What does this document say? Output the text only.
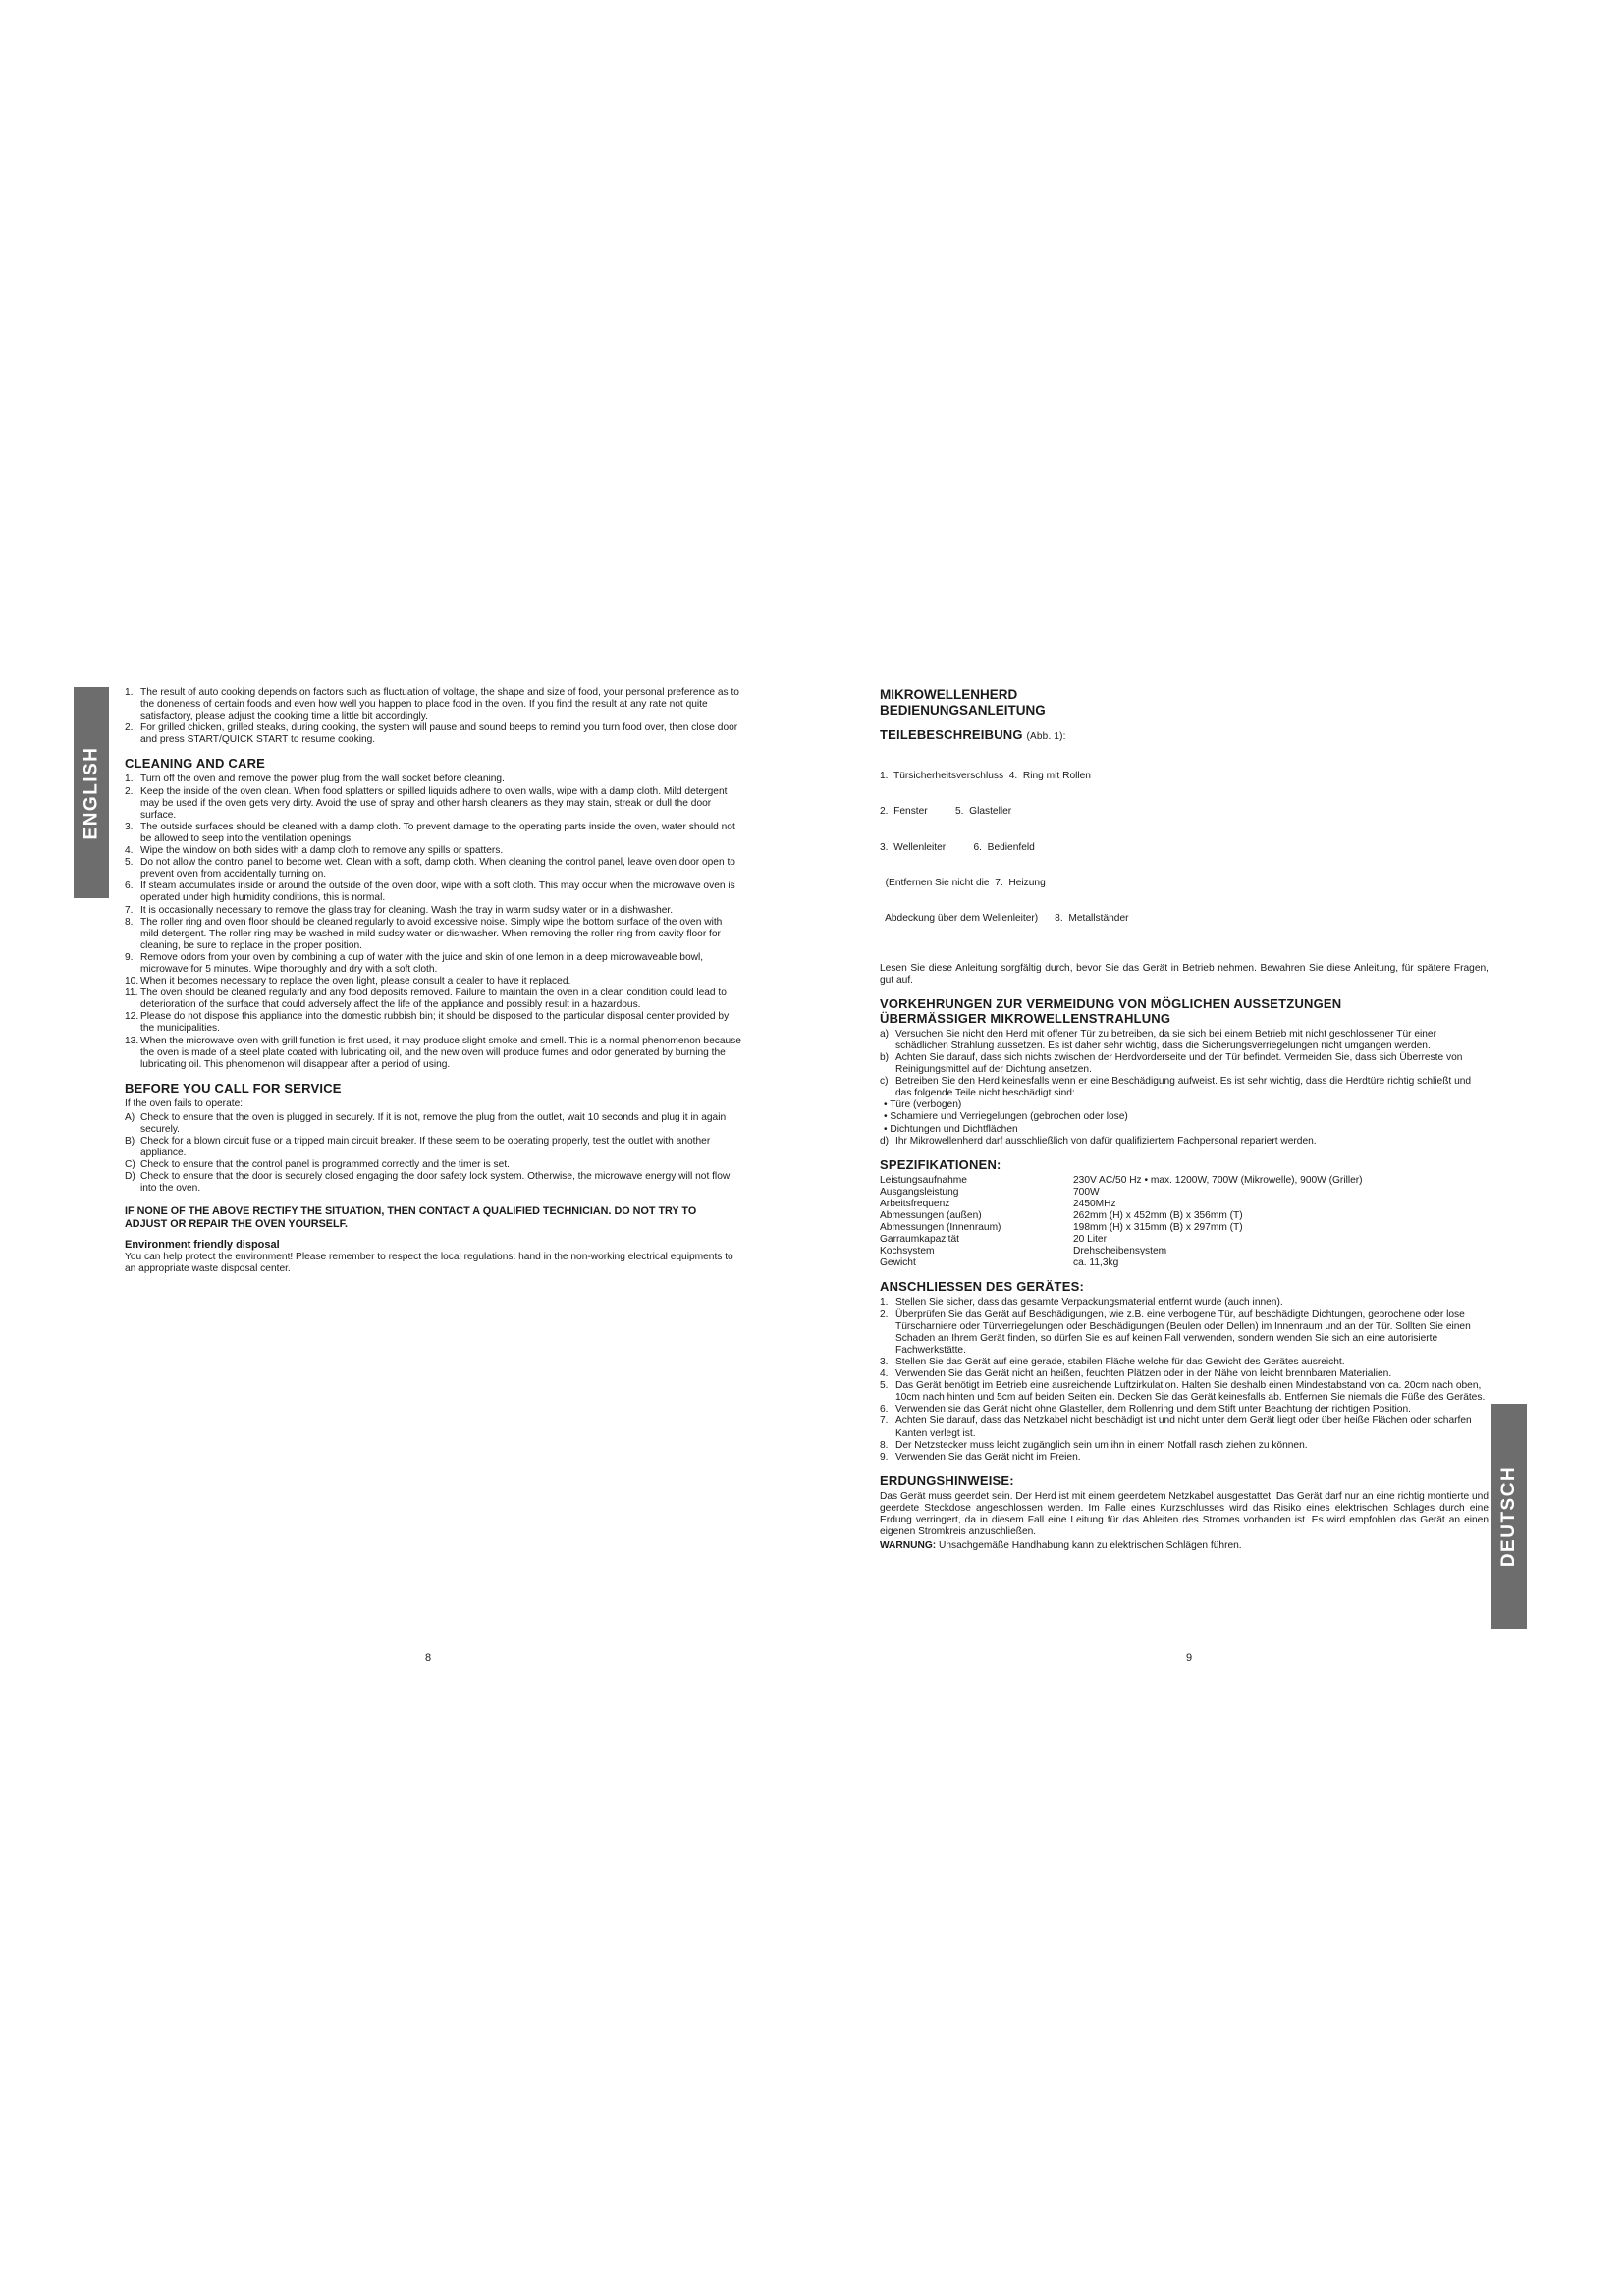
ENGLISH
DEUTSCH
1. The result of auto cooking depends on factors such as fluctuation of voltage, the shape and size of food, your personal preference as to the doneness of certain foods and even how well you happen to place food in the oven. If you find the result at any rate not quite satisfactory, please adjust the cooking time a little bit accordingly.
2. For grilled chicken, grilled steaks, during cooking, the system will pause and sound beeps to remind you turn food over, then close door and press START/QUICK START to resume cooking.
CLEANING AND CARE
1. Turn off the oven and remove the power plug from the wall socket before cleaning.
2. Keep the inside of the oven clean. When food splatters or spilled liquids adhere to oven walls, wipe with a damp cloth. Mild detergent may be used if the oven gets very dirty. Avoid the use of spray and other harsh cleaners as they may stain, streak or dull the door surface.
3. The outside surfaces should be cleaned with a damp cloth. To prevent damage to the operating parts inside the oven, water should not be allowed to seep into the ventilation openings.
4. Wipe the window on both sides with a damp cloth to remove any spills or spatters.
5. Do not allow the control panel to become wet. Clean with a soft, damp cloth. When cleaning the control panel, leave oven door open to prevent oven from accidentally turning on.
6. If steam accumulates inside or around the outside of the oven door, wipe with a soft cloth. This may occur when the microwave oven is operated under high humidity conditions, this is normal.
7. It is occasionally necessary to remove the glass tray for cleaning. Wash the tray in warm sudsy water or in a dishwasher.
8. The roller ring and oven floor should be cleaned regularly to avoid excessive noise. Simply wipe the bottom surface of the oven with mild detergent. The roller ring may be washed in mild sudsy water or dishwasher. When removing the roller ring from cavity floor for cleaning, be sure to replace in the proper position.
9. Remove odors from your oven by combining a cup of water with the juice and skin of one lemon in a deep microwaveable bowl, microwave for 5 minutes. Wipe thoroughly and dry with a soft cloth.
10. When it becomes necessary to replace the oven light, please consult a dealer to have it replaced.
11. The oven should be cleaned regularly and any food deposits removed. Failure to maintain the oven in a clean condition could lead to deterioration of the surface that could adversely affect the life of the appliance and possibly result in a hazardous.
12. Please do not dispose this appliance into the domestic rubbish bin; it should be disposed to the particular disposal center provided by the municipalities.
13. When the microwave oven with grill function is first used, it may produce slight smoke and smell. This is a normal phenomenon because the oven is made of a steel plate coated with lubricating oil, and the new oven will produce fumes and odor generated by burning the lubricating oil. This phenomenon will disappear after a period of using.
BEFORE YOU CALL FOR SERVICE

If the oven fails to operate:

A) Check to ensure that the oven is plugged in securely. If it is not, remove the plug from the outlet, wait 10 seconds and plug it in again securely.
B) Check for a blown circuit fuse or a tripped main circuit breaker. If these seem to be operating properly, test the outlet with another appliance.
C) Check to ensure that the control panel is programmed correctly and the timer is set.
D) Check to ensure that the door is securely closed engaging the door safety lock system. Otherwise, the microwave energy will not flow into the oven.

IF NONE OF THE ABOVE RECTIFY THE SITUATION, THEN CONTACT A QUALIFIED TECHNICIAN. DO NOT TRY TO ADJUST OR REPAIR THE OVEN YOURSELF.

Environment friendly disposal

You can help protect the environment! Please remember to respect the local regulations: hand in the non-working electrical equipments to an appropriate waste disposal center.

MIKROWELLENHERD
BEDIENUNGSANLEITUNG
TEILEBESCHREIBUNG (Abb. 1):

1.  Türsicherheitsverschluss  4.  Ring mit Rollen

2.  Fenster          5.  Glasteller

3.  Wellenleiter          6.  Bedienfeld

(Entfernen Sie nicht die  7.  Heizung

Abdeckung über dem Wellenleiter)      8.  Metallständer

Lesen Sie diese Anleitung sorgfältig durch, bevor Sie das Gerät in Betrieb nehmen. Bewahren Sie diese Anleitung, für spätere Fragen, gut auf.

VORKEHRUNGEN ZUR VERMEIDUNG VON MÖGLICHEN AUSSETZUNGEN
ÜBERMÄSSIGER MIKROWELLENSTRAHLUNG
a) Versuchen Sie nicht den Herd mit offener Tür zu betreiben, da sie sich bei einem Betrieb mit nicht geschlossener Tür einer schädlichen Strahlung aussetzen. Es ist daher sehr wichtig, dass die Sicherungsverriegelungen nicht umgangen werden.
b) Achten Sie darauf, dass sich nichts zwischen der Herdvorderseite und der Tür befindet. Vermeiden Sie, dass sich Überreste von Reinigungsmittel auf der Dichtung ansetzen.
c) Betreiben Sie den Herd keinesfalls wenn er eine Beschädigung aufweist. Es ist sehr wichtig, dass die Herdtüre richtig schließt und das folgende Teile nicht beschädigt sind:
• Türe (verbogen)
• Schamiere und Verriegelungen (gebrochen oder lose)
• Dichtungen und Dichtflächen
d) Ihr Mikrowellenherd darf ausschließlich von dafür qualifiziertem Fachpersonal repariert werden.
SPEZIFIKATIONEN:
Leistungsaufnahme	230V AC/50 Hz • max. 1200W, 700W (Mikrowelle), 900W (Griller)
Ausgangsleistung	700W
Arbeitsfrequenz	2450MHz
Abmessungen (außen)	262mm (H) x 452mm (B) x 356mm (T)
Abmessungen (Innenraum)	198mm (H) x 315mm (B) x 297mm (T)
Garraumkapazität	20 Liter
Kochsystem	Drehscheibensystem
Gewicht	ca. 11,3kg
ANSCHLIESSEN DES GERÄTES:
1. Stellen Sie sicher, dass das gesamte Verpackungsmaterial entfernt wurde (auch innen).
2. Überprüfen Sie das Gerät auf Beschädigungen, wie z.B. eine verbogene Tür, auf beschädigte Dichtungen, gebrochene oder lose Türscharniere oder Türverriegelungen oder Beschädigungen (Beulen oder Dellen) im Innenraum und an der Tür. Sollten Sie einen Schaden an Ihrem Gerät finden, so dürfen Sie es auf keinen Fall verwenden, sondern wenden Sie sich an eine autorisierte Fachwerkstätte.
3. Stellen Sie das Gerät auf eine gerade, stabilen Fläche welche für das Gewicht des Gerätes ausreicht.
4. Verwenden Sie das Gerät nicht an heißen, feuchten Plätzen oder in der Nähe von leicht brennbaren Materialien.
5. Das Gerät benötigt im Betrieb eine ausreichende Luftzirkulation. Halten Sie deshalb einen Mindestabstand von ca. 20cm nach oben, 10cm nach hinten und 5cm auf beiden Seiten ein. Decken Sie das Gerät keinesfalls ab. Entfernen Sie niemals die Füße des Gerätes.
6. Verwenden sie das Gerät nicht ohne Glasteller, dem Rollenring und dem Stift unter Beachtung der richtigen Position.
7. Achten Sie darauf, dass das Netzkabel nicht beschädigt ist und nicht unter dem Gerät liegt oder über heiße Flächen oder scharfen Kanten verlegt ist.
8. Der Netzstecker muss leicht zugänglich sein um ihn in einem Notfall rasch ziehen zu können.
9. Verwenden Sie das Gerät nicht im Freien.
ERDUNGSHINWEISE:

Das Gerät muss geerdet sein. Der Herd ist mit einem geerdetem Netzkabel ausgestattet. Das Gerät darf nur an eine richtig montierte und geerdete Steckdose angeschlossen werden. Im Falle eines Kurzschlusses wird das Risiko eines elektrischen Schlages durch eine Erdung verringert, da in diesem Fall eine Leitung für das Ableiten des Stromes vorhanden ist. Es wird empfohlen das Gerät an einen eigenen Stromkreis anzuschließen.

WARNUNG: Unsachgemäße Handhabung kann zu elektrischen Schlägen führen.

8	9
